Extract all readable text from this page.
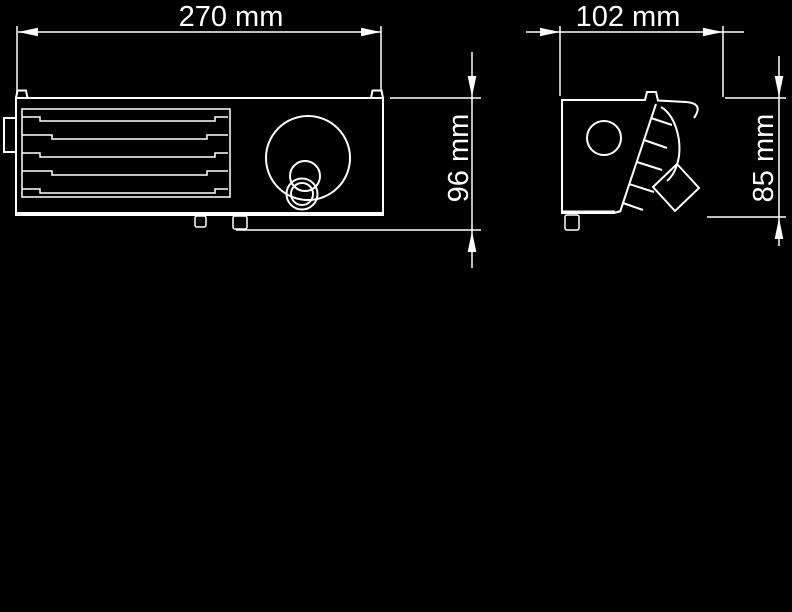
270 mm
96 mm
102 mm
85 mm
